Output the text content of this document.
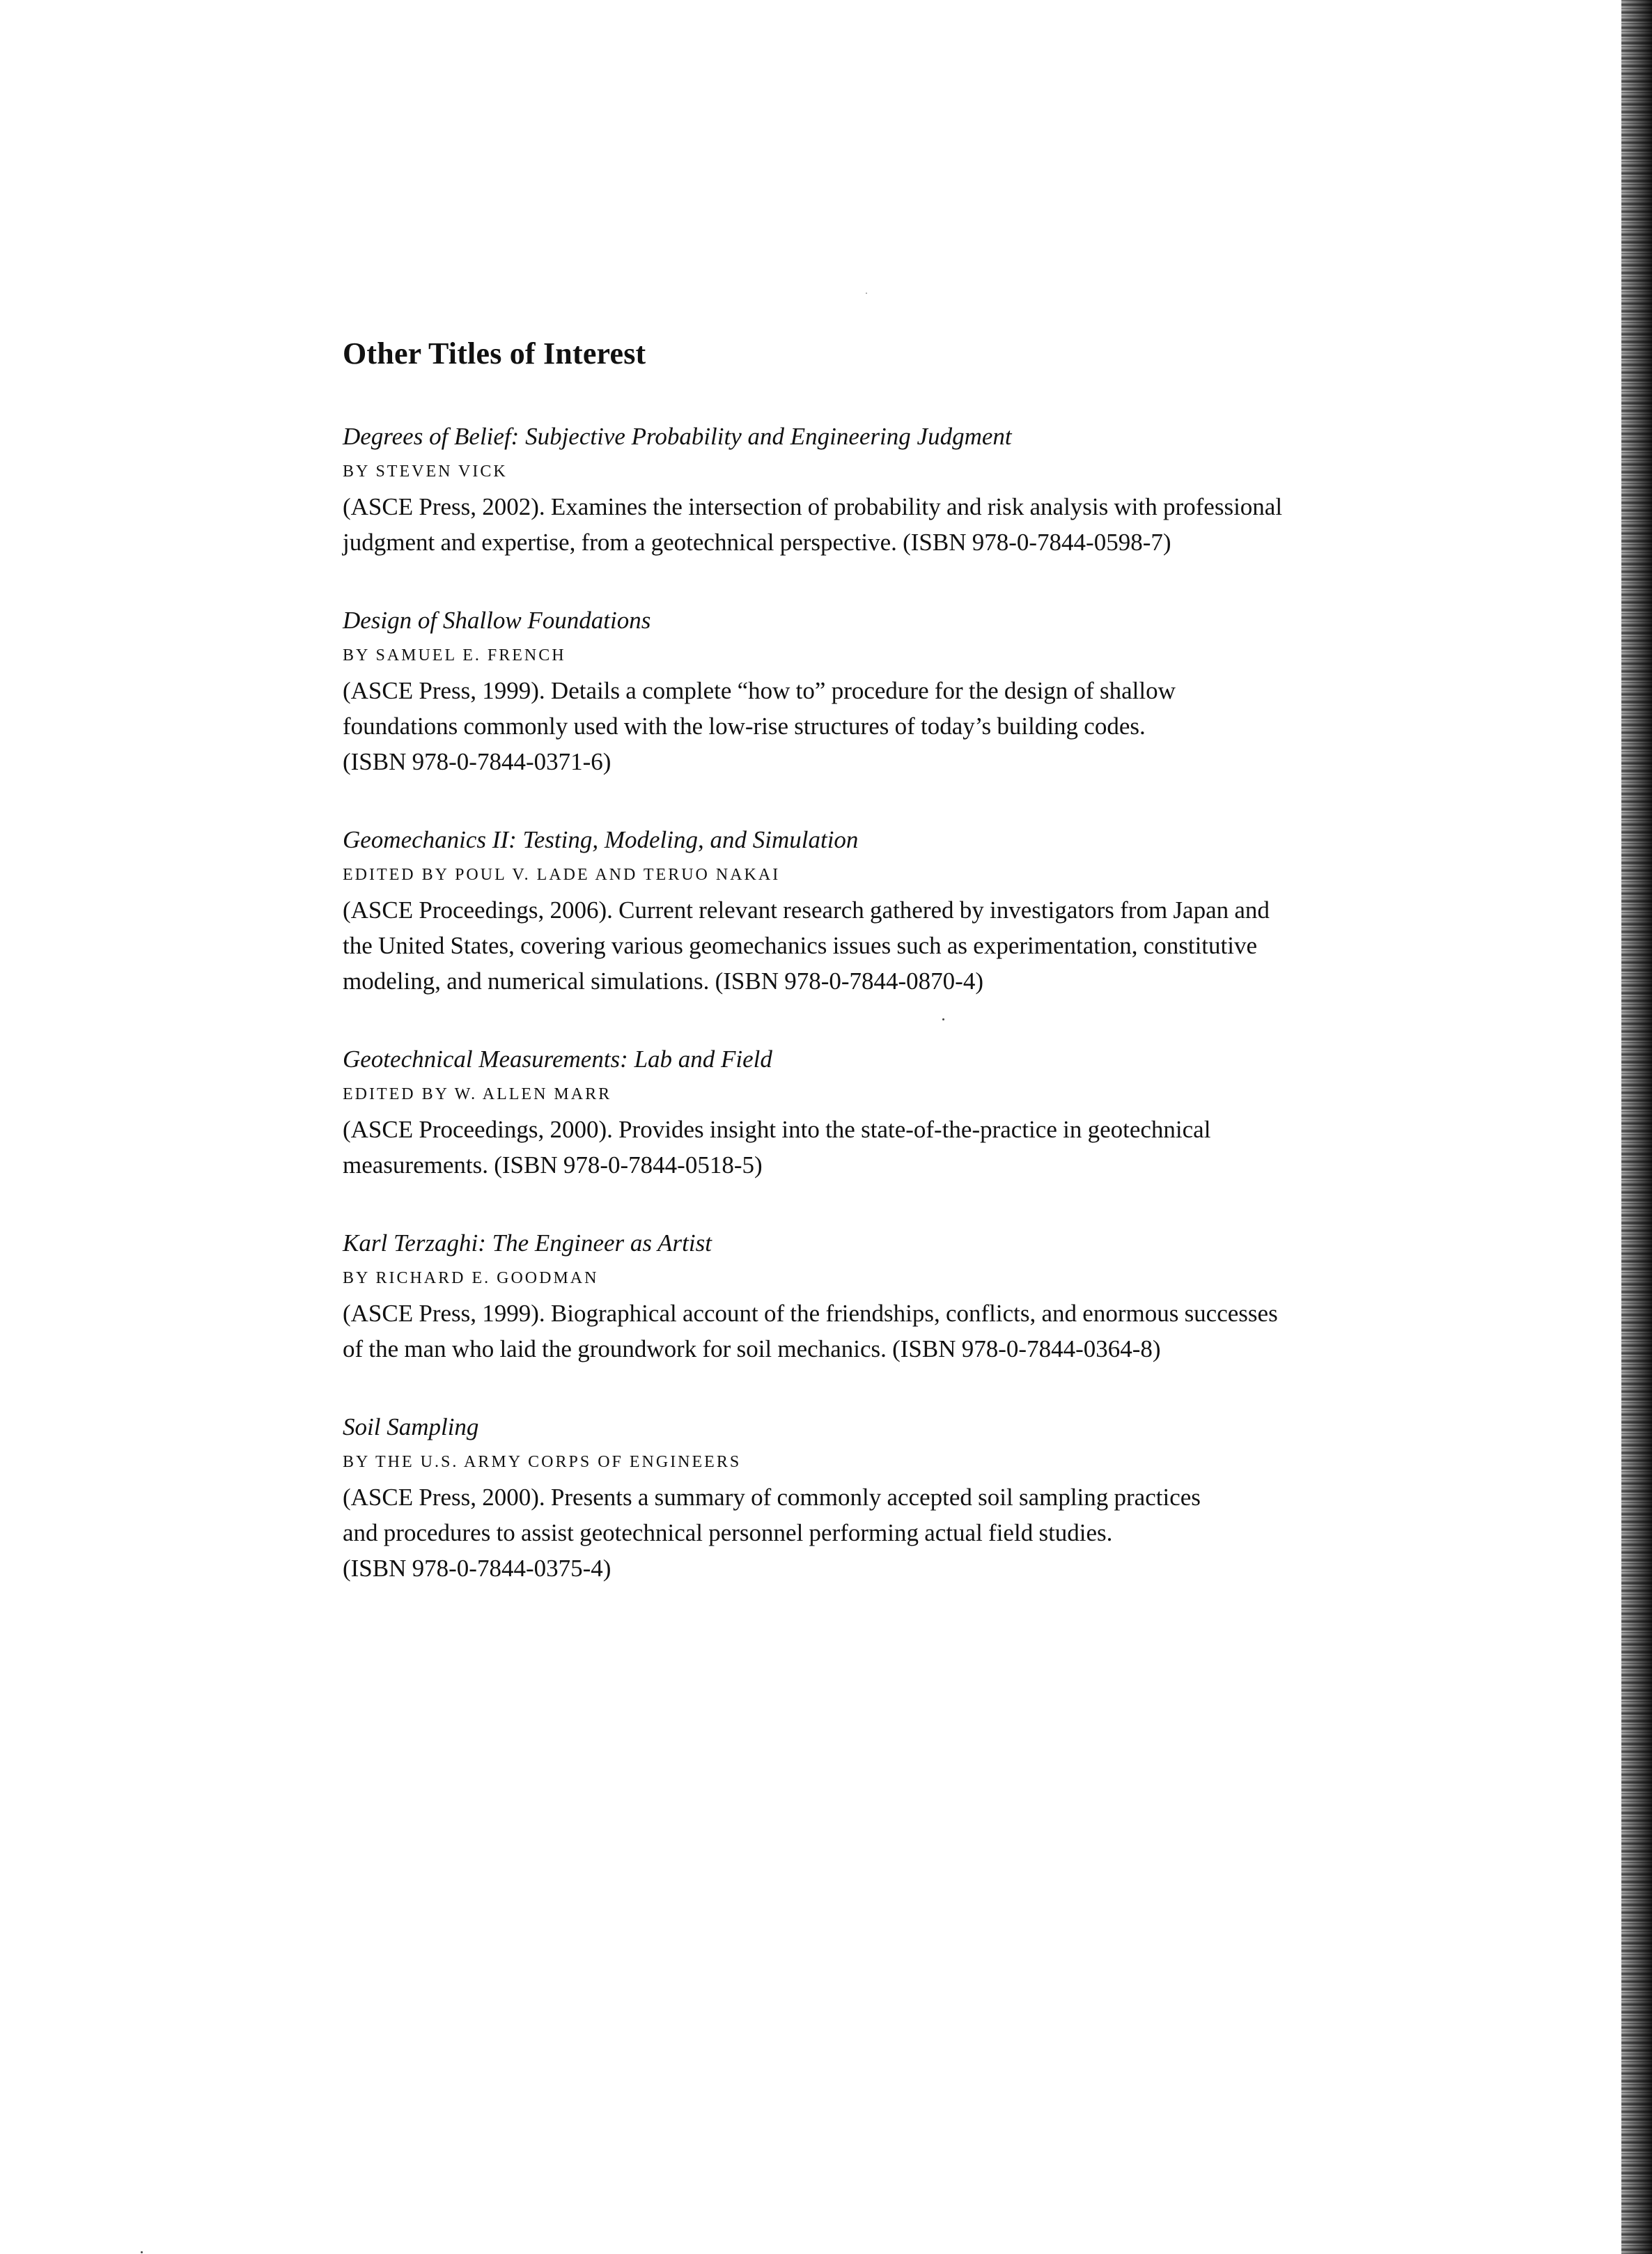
Other Titles of Interest

Degrees of Belief: Subjective Probability and Engineering Judgment

BY STEVEN VICK

(ASCE Press, 2002). Examines the intersection of probability and risk analysis with professional
judgment and expertise, from a geotechnical perspective. (ISBN 978-0-7844-0598-7)

Design of Shallow Foundations

BY SAMUEL E. FRENCH

(ASCE Press, 1999). Details a complete “how to” procedure for the design of shallow
foundations commonly used with the low-rise structures of today’s building codes.
(ISBN 978-0-7844-0371-6)

Geomechanics II: Testing, Modeling, and Simulation

EDITED BY POUL V. LADE AND TERUO NAKAI

(ASCE Proceedings, 2006). Current relevant research gathered by investigators from Japan and
the United States, covering various geomechanics issues such as experimentation, constitutive
modeling, and numerical simulations. (ISBN 978-0-7844-0870-4)

Geotechnical Measurements: Lab and Field

EDITED BY W. ALLEN MARR

(ASCE Proceedings, 2000). Provides insight into the state-of-the-practice in geotechnical
measurements. (ISBN 978-0-7844-0518-5)

Karl Terzaghi: The Engineer as Artist

BY RICHARD E. GOODMAN

(ASCE Press, 1999). Biographical account of the friendships, conflicts, and enormous successes
of the man who laid the groundwork for soil mechanics. (ISBN 978-0-7844-0364-8)

Soil Sampling

BY THE U.S. ARMY CORPS OF ENGINEERS

(ASCE Press, 2000). Presents a summary of commonly accepted soil sampling practices
and procedures to assist geotechnical personnel performing actual field studies.
(ISBN 978-0-7844-0375-4)
